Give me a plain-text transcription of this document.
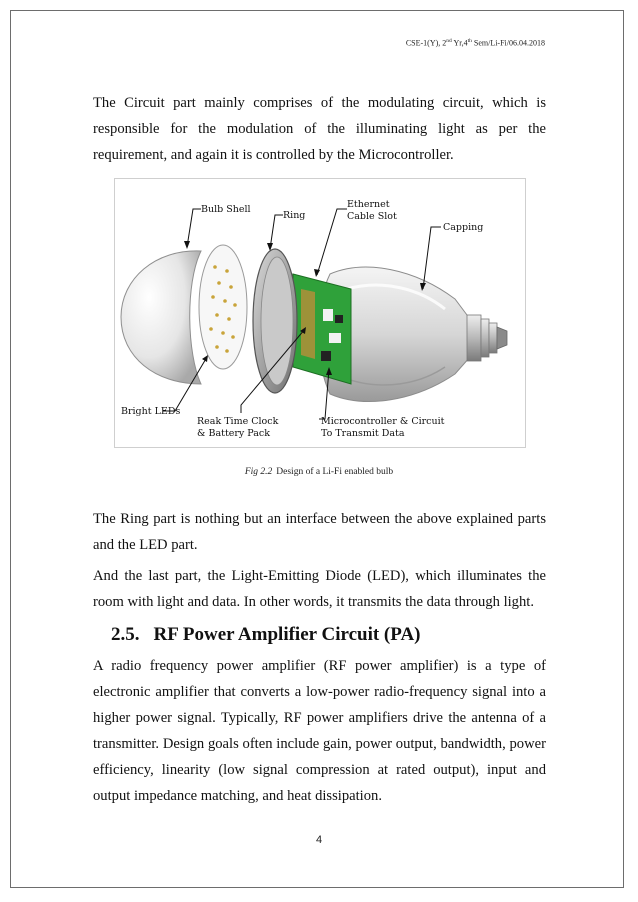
CSE-1(Y), 2nd Yr,4th Sem/Li-Fi/06.04.2018

The Circuit part mainly comprises of the modulating circuit, which is responsible for the modulation of the illuminating light as per the requirement, and again it is controlled by the Microcontroller.

Bulb Shell
Ring
Ethernet
Cable Slot
Capping
Bright LEDs
Reak Time Clock
& Battery Pack
Microcontroller & Circuit
To Transmit Data
Fig 2.2 Design of a Li-Fi enabled bulb

The Ring part is nothing but an interface between the above explained parts and the LED part.

And the last part, the Light-Emitting Diode (LED), which illuminates the room with light and data. In other words, it transmits the data through light.

2.5. RF Power Amplifier Circuit (PA)

A radio frequency power amplifier (RF power amplifier) is a type of electronic amplifier that converts a low-power radio-frequency signal into a higher power signal. Typically, RF power amplifiers drive the antenna of a transmitter. Design goals often include gain, power output, bandwidth, power efficiency, linearity (low signal compression at rated output), input and output impedance matching, and heat dissipation.

4
